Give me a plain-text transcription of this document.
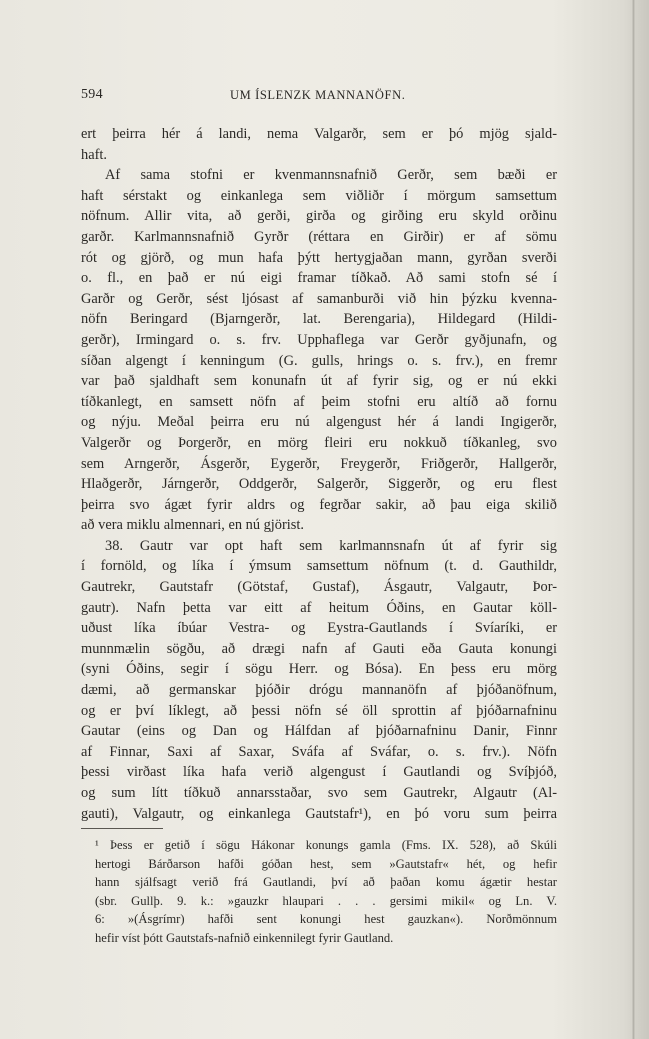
594	UM ÍSLENZK MANNANÖFN.
ert þeirra hér á landi, nema Valgarðr, sem er þó mjög sjald-
haft.
Af sama stofni er kvenmannsnafnið Gerðr, sem bæði er
haft sérstakt og einkanlega sem viðliðr í mörgum samsettum
nöfnum. Allir vita, að gerði, girða og girðing eru skyld orðinu
garðr. Karlmannsnafnið Gyrðr (réttara en Girðir) er af sömu
rót og gjörð, og mun hafa þýtt hertygjaðan mann, gyrðan sverði
o. fl., en það er nú eigi framar tíðkað. Að sami stofn sé í
Garðr og Gerðr, sést ljósast af samanburði við hin þýzku kvenna-
nöfn Beringard (Bjarngerðr, lat. Berengaria), Hildegard (Hildi-
gerðr), Irmingard o. s. frv. Upphaflega var Gerðr gyðjunafn, og
síðan algengt í kenningum (G. gulls, hrings o. s. frv.), en fremr
var það sjaldhaft sem konunafn út af fyrir sig, og er nú ekki
tíðkanlegt, en samsett nöfn af þeim stofni eru altíð að fornu
og nýju. Meðal þeirra eru nú algengust hér á landi Ingigerðr,
Valgerðr og Þorgerðr, en mörg fleiri eru nokkuð tíðkanleg, svo
sem Arngerðr, Ásgerðr, Eygerðr, Freygerðr, Friðgerðr, Hallgerðr,
Hlaðgerðr, Járngerðr, Oddgerðr, Salgerðr, Siggerðr, og eru flest
þeirra svo ágæt fyrir aldrs og fegrðar sakir, að þau eiga skilið
að vera miklu almennari, en nú gjörist.
38. Gautr var opt haft sem karlmannsnafn út af fyrir sig
í fornöld, og líka í ýmsum samsettum nöfnum (t. d. Gauthildr,
Gautrekr, Gautstafr (Götstaf, Gustaf), Ásgautr, Valgautr, Þor-
gautr). Nafn þetta var eitt af heitum Óðins, en Gautar köll-
uðust líka íbúar Vestra- og Eystra-Gautlands í Svíaríki, er
munnmælin sögðu, að drægi nafn af Gauti eða Gauta konungi
(syni Óðins, segir í sögu Herr. og Bósa). En þess eru mörg
dæmi, að germanskar þjóðir drógu mannanöfn af þjóðanöfnum,
og er því líklegt, að þessi nöfn sé öll sprottin af þjóðarnafninu
Gautar (eins og Dan og Hálfdan af þjóðarnafninu Danir, Finnr
af Finnar, Saxi af Saxar, Sváfa af Sváfar, o. s. frv.). Nöfn
þessi virðast líka hafa verið algengust í Gautlandi og Svíþjóð,
og sum lítt tíðkuð annarsstaðar, svo sem Gautrekr, Algautr (Al-
gauti), Valgautr, og einkanlega Gautstafr¹), en þó voru sum þeirra
¹ Þess er getið í sögu Hákonar konungs gamla (Fms. IX. 528), að Skúli
hertogi Bárðarson hafði góðan hest, sem »Gautstafr« hét, og hefir
hann sjálfsagt verið frá Gautlandi, því að þaðan komu ágætir hestar
(sbr. Gullþ. 9. k.: »gauzkr hlaupari . . . gersimi mikil« og Ln. V.
6: »(Ásgrímr) hafði sent konungi hest gauzkan«). Norðmönnum
hefir víst þótt Gautstafs-nafnið einkennilegt fyrir Gautland.
